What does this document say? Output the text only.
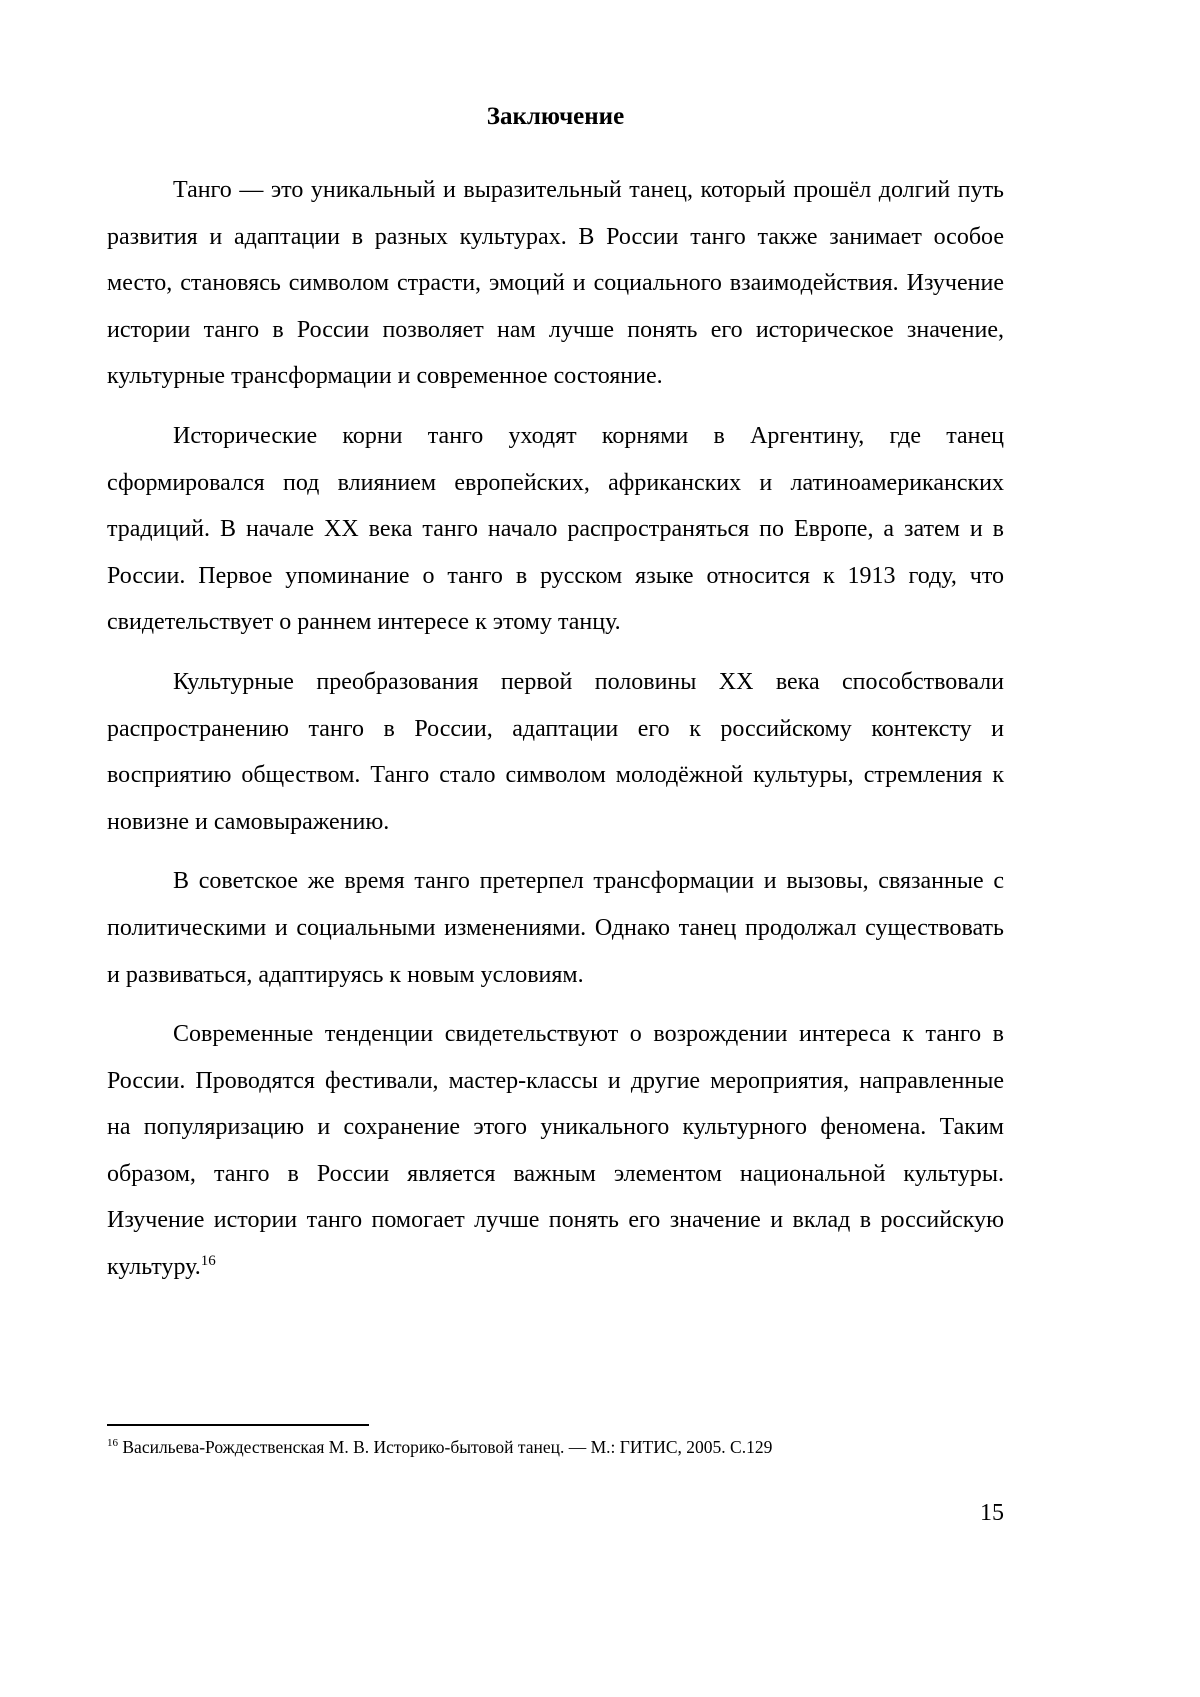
Заключение

Танго — это уникальный и выразительный танец, который прошёл долгий путь развития и адаптации в разных культурах. В России танго также занимает особое место, становясь символом страсти, эмоций и социального взаимодействия. Изучение истории танго в России позволяет нам лучше понять его историческое значение, культурные трансформации и современное состояние.

Исторические корни танго уходят корнями в Аргентину, где танец сформировался под влиянием европейских, африканских и латиноамериканских традиций. В начале XX века танго начало распространяться по Европе, а затем и в России. Первое упоминание о танго в русском языке относится к 1913 году, что свидетельствует о раннем интересе к этому танцу.

Культурные преобразования первой половины XX века способствовали распространению танго в России, адаптации его к российскому контексту и восприятию обществом. Танго стало символом молодёжной культуры, стремления к новизне и самовыражению.

В советское же время танго претерпел трансформации и вызовы, связанные с политическими и социальными изменениями. Однако танец продолжал существовать и развиваться, адаптируясь к новым условиям.

Современные тенденции свидетельствуют о возрождении интереса к танго в России. Проводятся фестивали, мастер-классы и другие мероприятия, направленные на популяризацию и сохранение этого уникального культурного феномена. Таким образом, танго в России является важным элементом национальной культуры. Изучение истории танго помогает лучше понять его значение и вклад в российскую культуру.$^{16}$

$^{16}$ Васильева-Рождественская М. В. Историко-бытовой танец. — М.: ГИТИС, 2005. С.129

15
